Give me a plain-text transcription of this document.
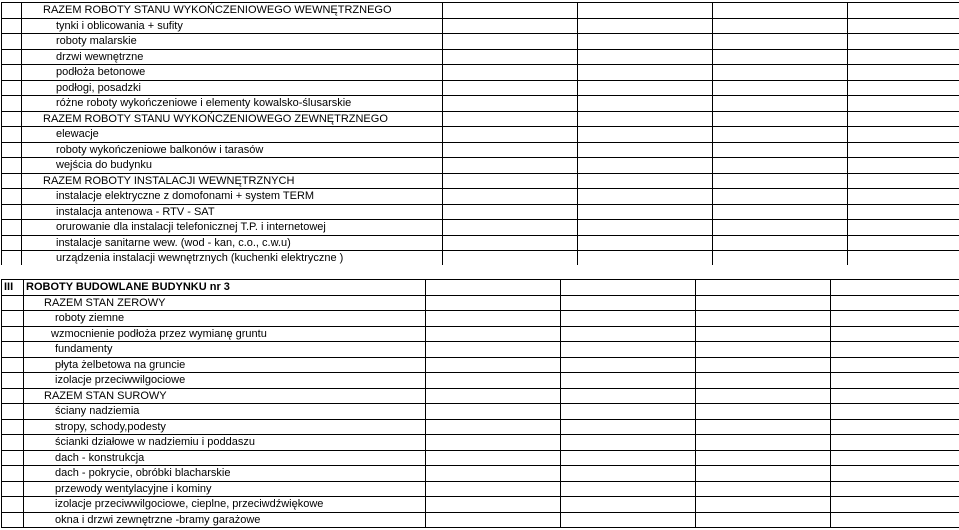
	RAZEM ROBOTY STANU WYKOŃCZENIOWEGO WEWNĘTRZNEGO				
	tynki i oblicowania + sufity				
	roboty malarskie				
	drzwi wewnętrzne				
	podłoża betonowe				
	podłogi, posadzki				
	różne roboty wykończeniowe i elementy kowalsko-ślusarskie				
	RAZEM ROBOTY STANU WYKOŃCZENIOWEGO ZEWNĘTRZNEGO				
	elewacje				
	roboty wykończeniowe balkonów i tarasów				
	wejścia do budynku				
	RAZEM ROBOTY INSTALACJI WEWNĘTRZNYCH				
	instalacje elektryczne z domofonami + system TERM				
	instalacja antenowa - RTV - SAT				
	orurowanie dla instalacji telefonicznej T.P. i internetowej				
	instalacje sanitarne wew. (wod - kan, c.o., c.w.u)				
	urządzenia instalacji wewnętrznych (kuchenki elektryczne )				
III	ROBOTY BUDOWLANE BUDYNKU nr 3				
	RAZEM STAN ZEROWY				
	roboty ziemne				
	wzmocnienie podłoża przez wymianę gruntu				
	fundamenty				
	płyta żelbetowa na gruncie				
	izolacje przeciwwilgociowe				
	RAZEM STAN SUROWY				
	ściany nadziemia				
	stropy, schody,podesty				
	ścianki działowe w nadziemiu i poddaszu				
	dach - konstrukcja				
	dach - pokrycie, obróbki blacharskie				
	przewody wentylacyjne i kominy				
	izolacje przeciwwilgociowe, cieplne, przeciwdźwiękowe				
	okna i drzwi zewnętrzne -bramy garażowe				
